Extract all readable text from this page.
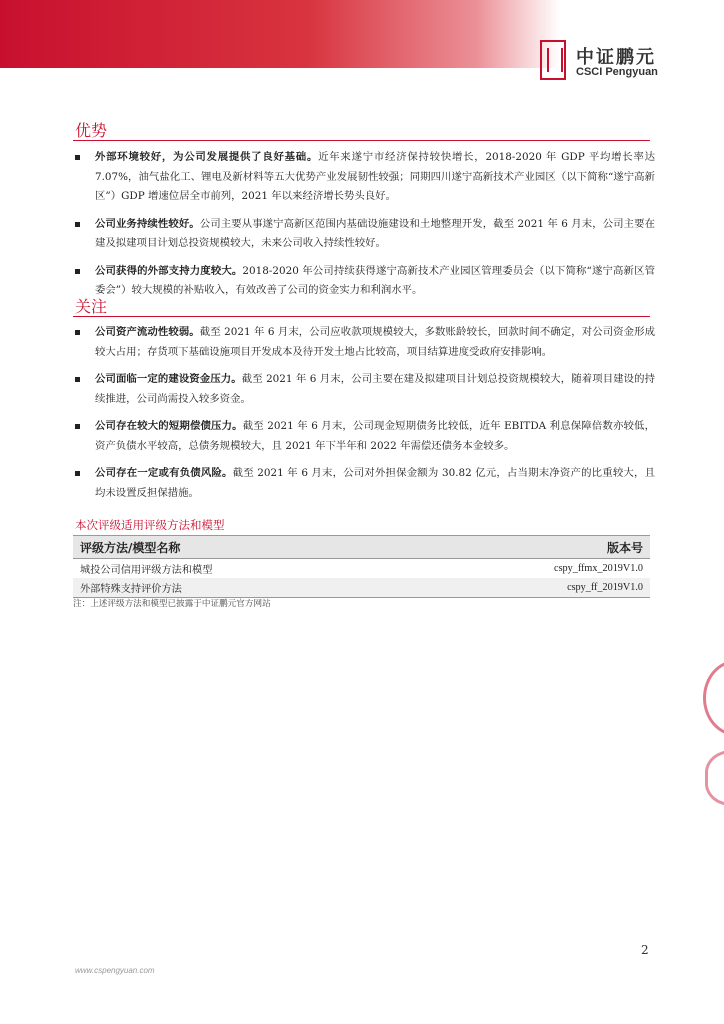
中证鹏元
CSCI Pengyuan
优势
外部环境较好，为公司发展提供了良好基础。近年来遂宁市经济保持较快增长，2018-2020 年 GDP 平均增长率达 7.07%，油气盐化工、锂电及新材料等五大优势产业发展韧性较强；同期四川遂宁高新技术产业园区（以下简称“遂宁高新区”）GDP 增速位居全市前列，2021 年以来经济增长势头良好。
公司业务持续性较好。公司主要从事遂宁高新区范围内基础设施建设和土地整理开发，截至 2021 年 6 月末，公司主要在建及拟建项目计划总投资规模较大，未来公司收入持续性较好。
公司获得的外部支持力度较大。2018-2020 年公司持续获得遂宁高新技术产业园区管理委员会（以下简称“遂宁高新区管委会”）较大规模的补贴收入，有效改善了公司的资金实力和利润水平。
关注
公司资产流动性较弱。截至 2021 年 6 月末，公司应收款项规模较大，多数账龄较长，回款时间不确定，对公司资金形成较大占用；存货项下基础设施项目开发成本及待开发土地占比较高，项目结算进度受政府安排影响。
公司面临一定的建设资金压力。截至 2021 年 6 月末，公司主要在建及拟建项目计划总投资规模较大，随着项目建设的持续推进，公司尚需投入较多资金。
公司存在较大的短期偿债压力。截至 2021 年 6 月末，公司现金短期债务比较低，近年 EBITDA 利息保障倍数亦较低，资产负债水平较高，总债务规模较大，且 2021 年下半年和 2022 年需偿还债务本金较多。
公司存在一定或有负债风险。截至 2021 年 6 月末，公司对外担保金额为 30.82 亿元，占当期末净资产的比重较大，且均未设置反担保措施。
本次评级适用评级方法和模型
评级方法/模型名称	版本号
城投公司信用评级方法和模型	cspy_ffmx_2019V1.0
外部特殊支持评价方法	cspy_ff_2019V1.0
注：上述评级方法和模型已披露于中证鹏元官方网站
2
www.cspengyuan.com
